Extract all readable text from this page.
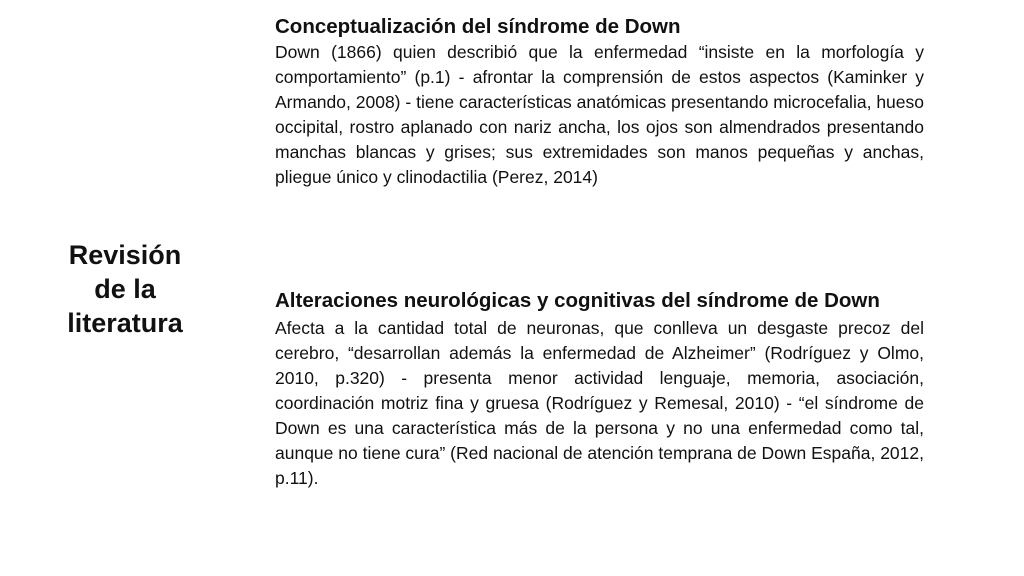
Revisión
de la
literatura

Conceptualización del síndrome de Down

Down (1866) quien describió que la enfermedad “insiste en la morfología y comportamiento” (p.1) - afrontar la comprensión de estos aspectos (Kaminker y Armando, 2008) - tiene características anatómicas presentando microcefalia, hueso occipital, rostro aplanado con nariz ancha, los ojos son almendrados presentando manchas blancas y grises; sus extremidades son manos pequeñas y anchas, pliegue único y clinodactilia (Perez, 2014)

Alteraciones neurológicas y cognitivas del síndrome de Down

Afecta a la cantidad total de neuronas, que conlleva un desgaste precoz del cerebro, “desarrollan además la enfermedad de Alzheimer” (Rodríguez y Olmo, 2010, p.320) - presenta menor actividad lenguaje, memoria, asociación, coordinación motriz fina y gruesa (Rodríguez y Remesal, 2010) - “el síndrome de Down es una característica más de la persona y no una enfermedad como tal, aunque no tiene cura” (Red nacional de atención temprana de Down España, 2012, p.11).
